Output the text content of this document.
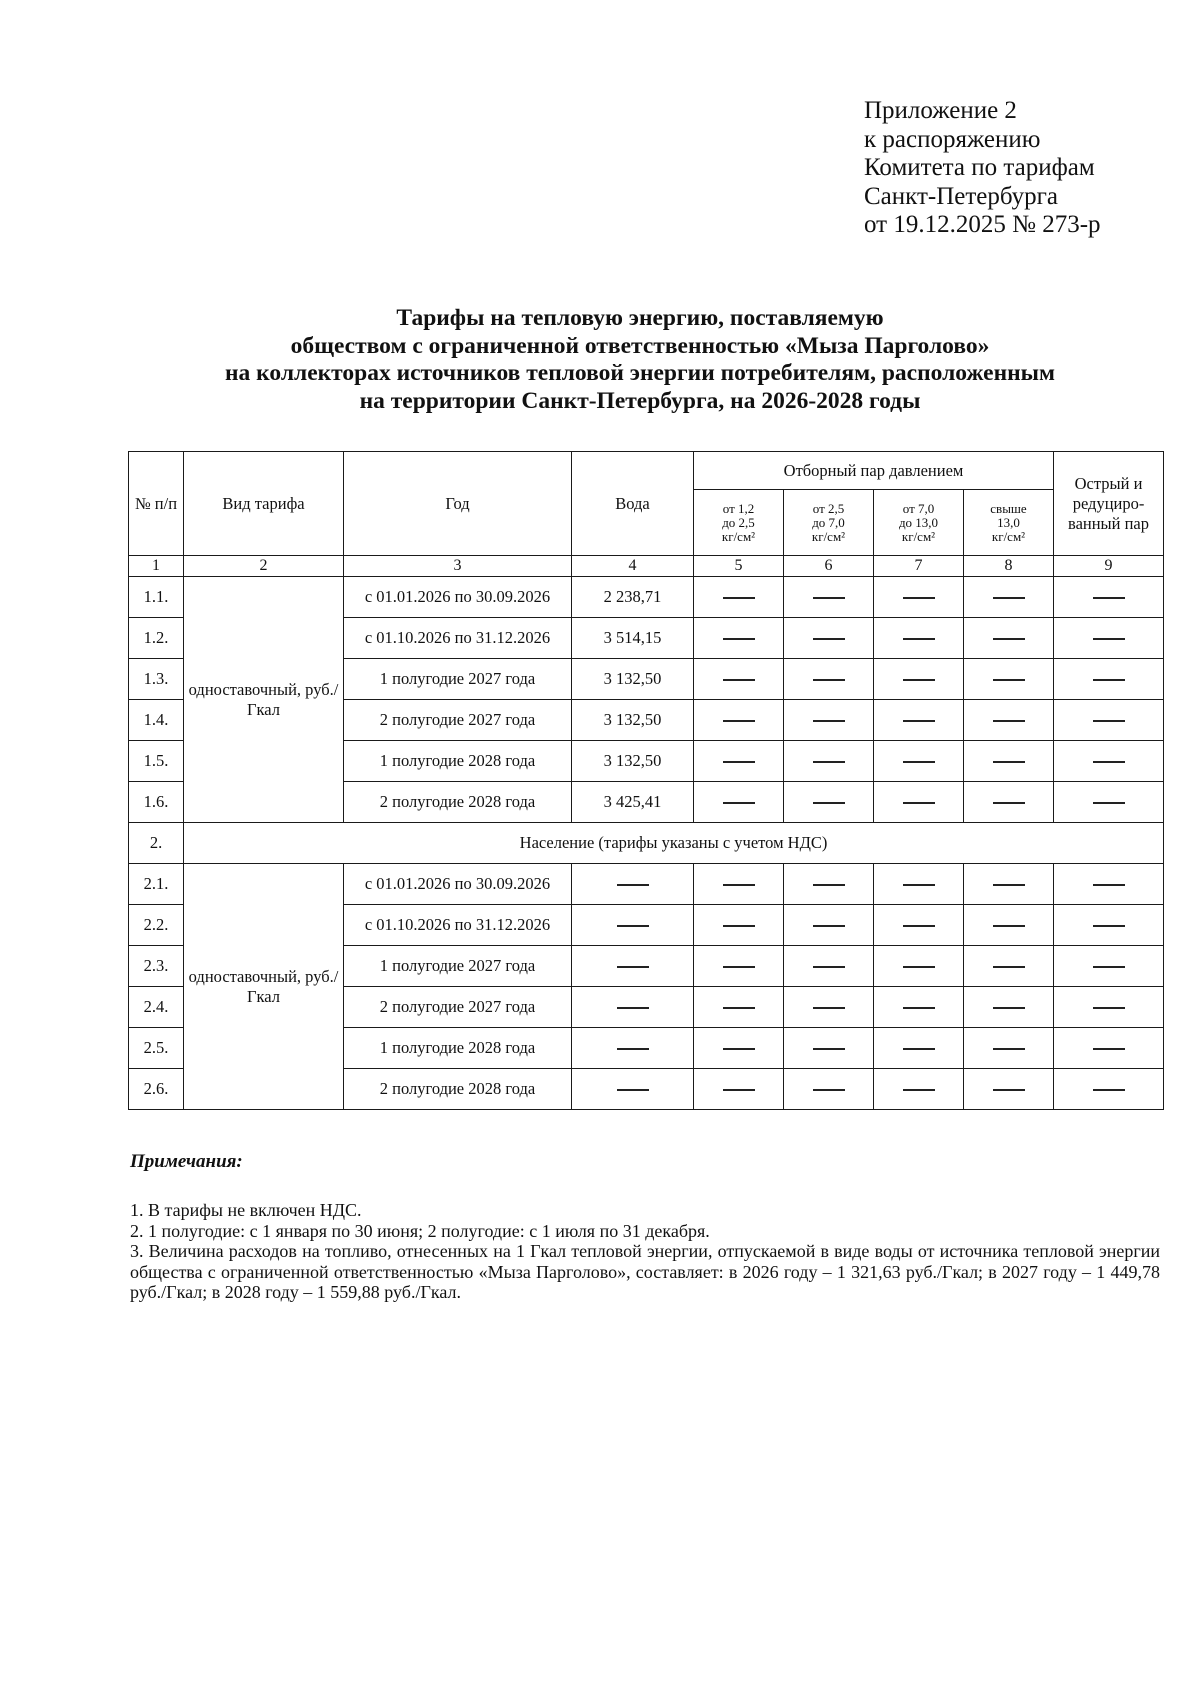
Приложение 2
к распоряжению
Комитета по тарифам
Санкт-Петербурга
от 19.12.2025 № 273-р
Тарифы на тепловую энергию, поставляемую
обществом с ограниченной ответственностью «Мыза Парголово»
на коллекторах источников тепловой энергии потребителям, расположенным
на территории Санкт-Петербурга, на 2026-2028 годы
№ п/п	Вид тарифа	Год	Вода	Отборный пар давлением				Острый и редуциро-ванный пар
				от 1,2
до 2,5
кг/см²	от 2,5
до 7,0
кг/см²	от 7,0
до 13,0
кг/см²	свыше
13,0
кг/см²	
1	2	3	4	5	6	7	8	9
1.1.	одноставочный, руб./Гкал	с 01.01.2026 по 30.09.2026	2 238,71					
1.2.		с 01.10.2026 по 31.12.2026	3 514,15					
1.3.		1 полугодие 2027 года	3 132,50					
1.4.		2 полугодие 2027 года	3 132,50					
1.5.		1 полугодие 2028 года	3 132,50					
1.6.		2 полугодие 2028 года	3 425,41					
2.	Население (тарифы указаны с учетом НДС)							
2.1.	одноставочный, руб./Гкал	с 01.01.2026 по 30.09.2026						
2.2.		с 01.10.2026 по 31.12.2026						
2.3.		1 полугодие 2027 года						
2.4.		2 полугодие 2027 года						
2.5.		1 полугодие 2028 года						
2.6.		2 полугодие 2028 года						
Примечания:

1. В тарифы не включен НДС.

2. 1 полугодие: с 1 января по 30 июня; 2 полугодие: с 1 июля по 31 декабря.

3. Величина расходов на топливо, отнесенных на 1 Гкал тепловой энергии, отпускаемой в виде воды от источника тепловой энергии общества с ограниченной ответственностью «Мыза Парголово», составляет: в 2026 году – 1 321,63 руб./Гкал; в 2027 году – 1 449,78 руб./Гкал; в 2028 году – 1 559,88 руб./Гкал.
